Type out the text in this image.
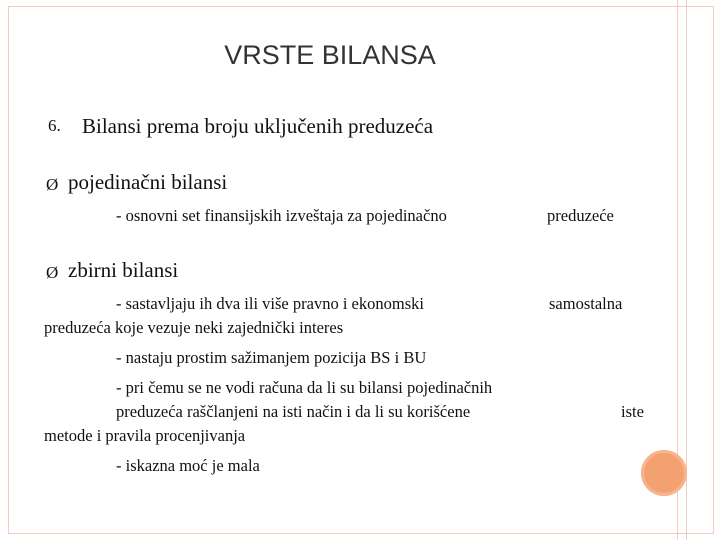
VRSTE BILANSA
6. Bilansi prema broju uključenih preduzeća
Ø pojedinačni bilansi
- osnovni set finansijskih izveštaja za pojedinačno	preduzeće
Ø zbirni bilansi
- sastavljaju ih dva ili više pravno i ekonomski	samostalna
preduzeća koje vezuje neki zajednički interes
- nastaju prostim sažimanjem pozicija BS i BU
- pri čemu se ne vodi računa da li su bilansi pojedinačnih
preduzeća raščlanjeni na isti način i da li su korišćene	iste
metode i pravila procenjivanja
- iskazna moć je mala
